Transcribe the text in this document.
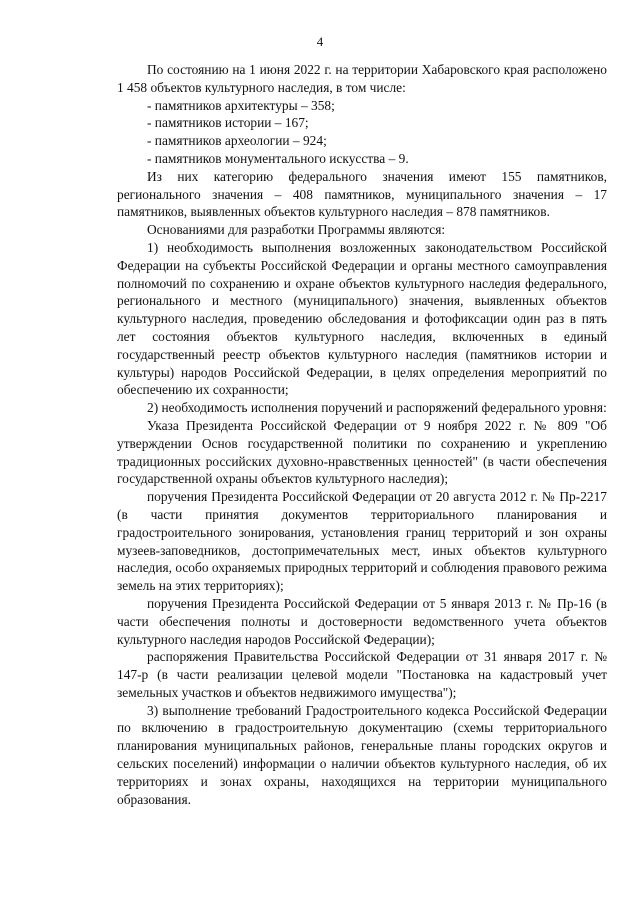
4

По состоянию на 1 июня 2022 г. на территории Хабаровского края расположено 1 458 объектов культурного наследия, в том числе:

- памятников архитектуры – 358;

- памятников истории – 167;

- памятников археологии – 924;

- памятников монументального искусства – 9.

Из них категорию федерального значения имеют 155 памятников, регионального значения – 408 памятников, муниципального значения – 17 памятников, выявленных объектов культурного наследия – 878 памятников.

Основаниями для разработки Программы являются:

1) необходимость выполнения возложенных законодательством Российской Федерации на субъекты Российской Федерации и органы местного самоуправления полномочий по сохранению и охране объектов культурного наследия федерального, регионального и местного (муниципального) значения, выявленных объектов культурного наследия, проведению обследования и фотофиксации один раз в пять лет состояния объектов культурного наследия, включенных в единый государственный реестр объектов культурного наследия (памятников истории и культуры) народов Российской Федерации, в целях определения мероприятий по обеспечению их сохранности;

2) необходимость исполнения поручений и распоряжений федерального уровня:

Указа Президента Российской Федерации от 9 ноября 2022 г. № 809 "Об утверждении Основ государственной политики по сохранению и укреплению традиционных российских духовно-нравственных ценностей" (в части обеспечения государственной охраны объектов культурного наследия);

поручения Президента Российской Федерации от 20 августа 2012 г. № Пр-2217 (в части принятия документов территориального планирования и градостроительного зонирования, установления границ территорий и зон охраны музеев-заповедников, достопримечательных мест, иных объектов культурного наследия, особо охраняемых природных территорий и соблюдения правового режима земель на этих территориях);

поручения Президента Российской Федерации от 5 января 2013 г. № Пр-16 (в части обеспечения полноты и достоверности ведомственного учета объектов культурного наследия народов Российской Федерации);

распоряжения Правительства Российской Федерации от 31 января 2017 г. № 147-р (в части реализации целевой модели "Постановка на кадастровый учет земельных участков и объектов недвижимого имущества");

3) выполнение требований Градостроительного кодекса Российской Федерации по включению в градостроительную документацию (схемы территориального планирования муниципальных районов, генеральные планы городских округов и сельских поселений) информации о наличии объектов культурного наследия, об их территориях и зонах охраны, находящихся на территории муниципального образования.
